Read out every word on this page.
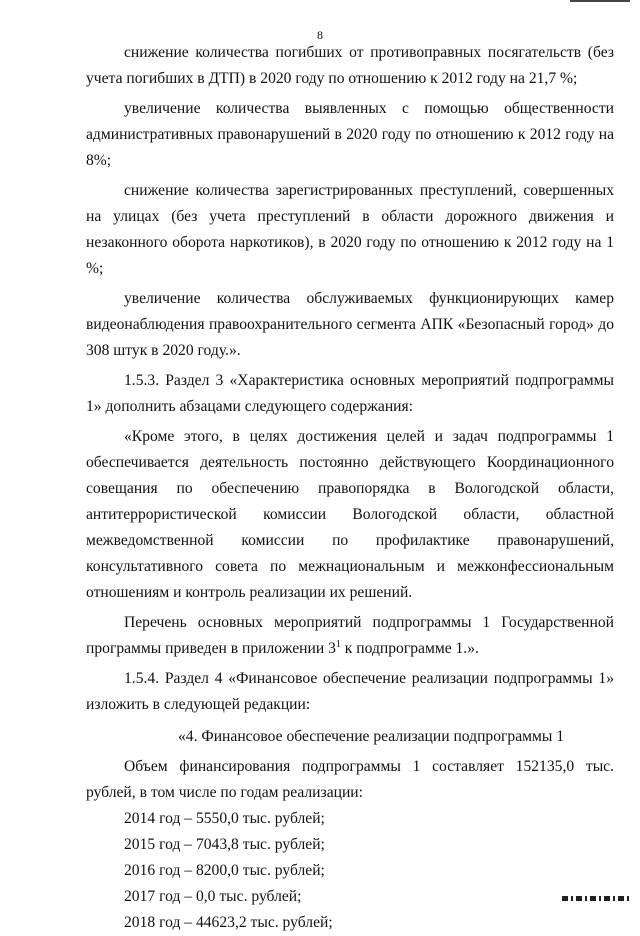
8

снижение количества погибших от противоправных посягательств (без учета погибших в ДТП) в 2020 году по отношению к 2012 году на 21,7 %;

увеличение количества выявленных с помощью общественности административных правонарушений в 2020 году по отношению к 2012 году на 8%;

снижение количества зарегистрированных преступлений, совершенных на улицах (без учета преступлений в области дорожного движения и незаконного оборота наркотиков), в 2020 году по отношению к 2012 году на 1 %;

увеличение количества обслуживаемых функционирующих камер видеонаблюдения правоохранительного сегмента АПК «Безопасный город» до 308 штук в 2020 году.».

1.5.3. Раздел 3 «Характеристика основных мероприятий подпрограммы 1» дополнить абзацами следующего содержания:

«Кроме этого, в целях достижения целей и задач подпрограммы 1 обеспечивается деятельность постоянно действующего Координационного совещания по обеспечению правопорядка в Вологодской области, антитеррористической комиссии Вологодской области, областной межведомственной комиссии по профилактике правонарушений, консультативного совета по межнациональным и межконфессиональным отношениям и контроль реализации их решений.

Перечень основных мероприятий подпрограммы 1 Государственной программы приведен в приложении $3^1$ к подпрограмме 1.».

1.5.4. Раздел 4 «Финансовое обеспечение реализации подпрограммы 1» изложить в следующей редакции:

«4. Финансовое обеспечение реализации подпрограммы 1

Объем финансирования подпрограммы 1 составляет 152135,0 тыс. рублей, в том числе по годам реализации:

2014 год – 5550,0 тыс. рублей;

2015 год – 7043,8 тыс. рублей;

2016 год – 8200,0 тыс. рублей;

2017 год – 0,0 тыс. рублей;

2018 год – 44623,2 тыс. рублей;
